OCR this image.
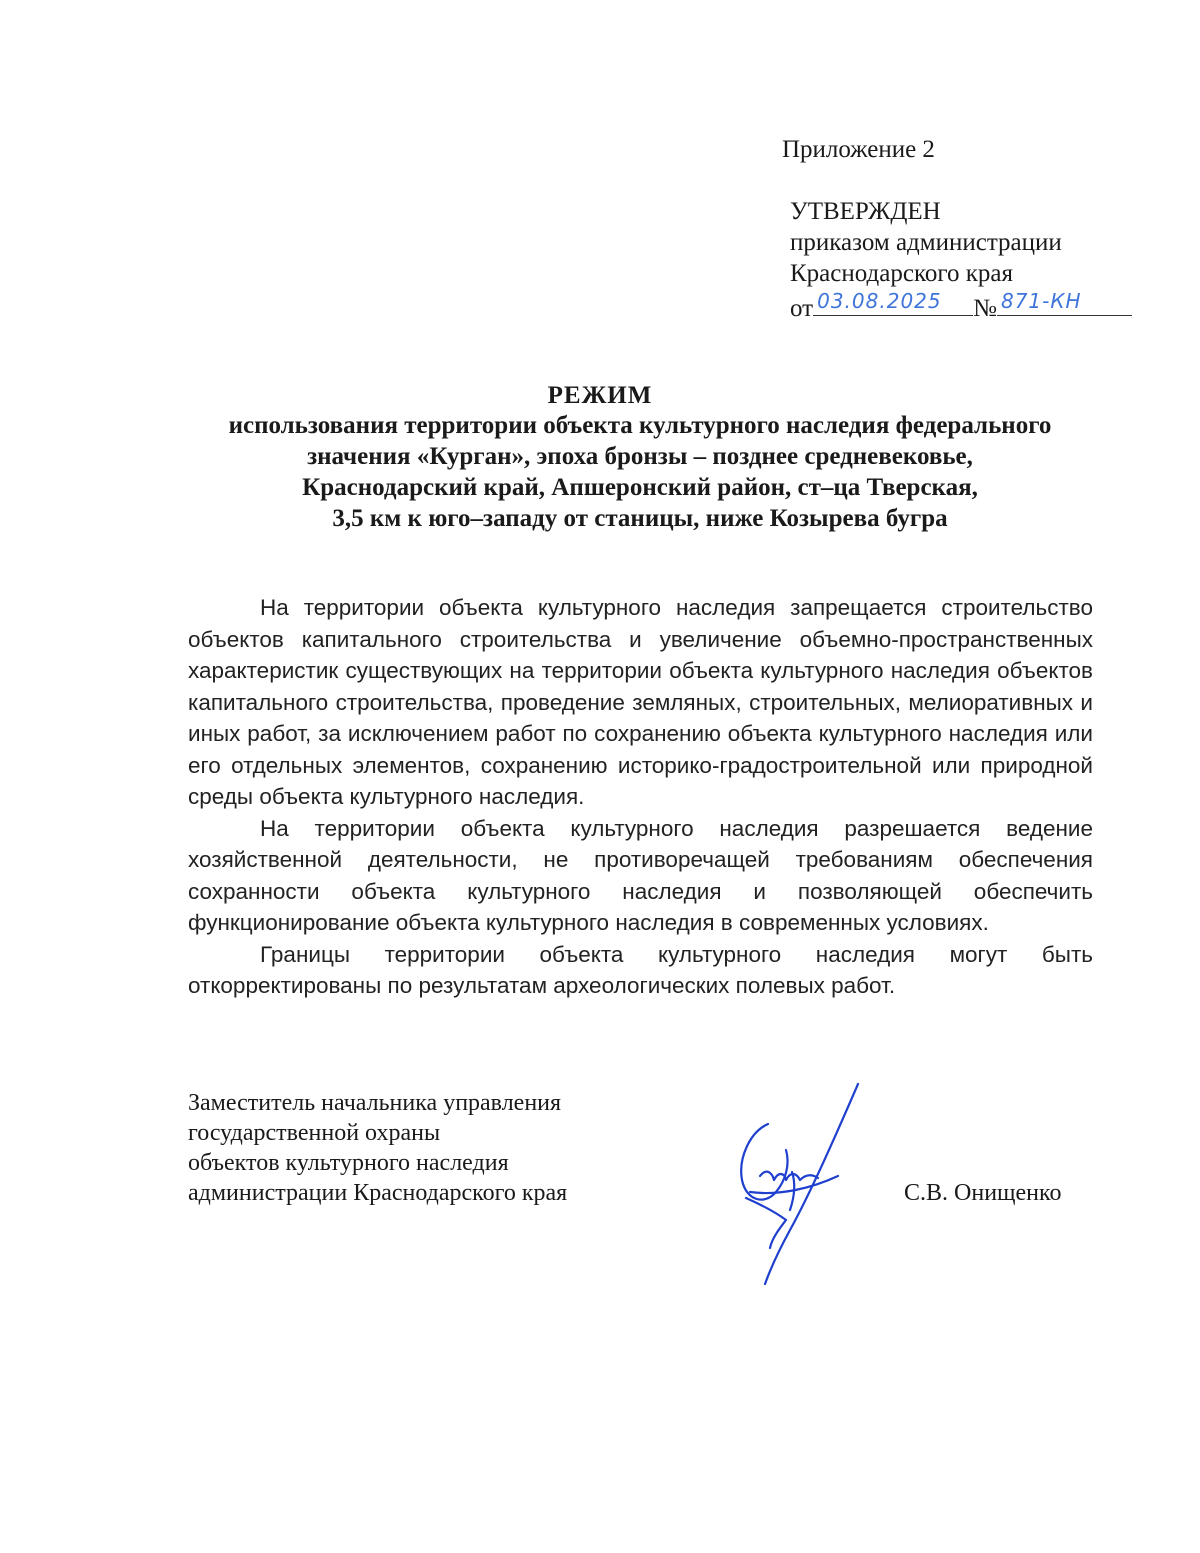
Приложение 2
УТВЕРЖДЕН
приказом администрации
Краснодарского края
от 03.08.2025 № 871-КН
РЕЖИМ
использования территории объекта культурного наследия федерального
значения «Курган», эпоха бронзы – позднее средневековье,
Краснодарский край, Апшеронский район, ст–ца Тверская,
3,5 км к юго–западу от станицы, ниже Козырева бугра

На территории объекта культурного наследия запрещается строительство объектов капитального строительства и увеличение объемно-пространственных характеристик существующих на территории объекта культурного наследия объектов капитального строительства, проведение земляных, строительных, мелиоративных и иных работ, за исключением работ по сохранению объекта культурного наследия или его отдельных элементов, сохранению историко-градостроительной или природной среды объекта культурного наследия.

На территории объекта культурного наследия разрешается ведение хозяйственной деятельности, не противоречащей требованиям обеспечения сохранности объекта культурного наследия и позволяющей обеспечить функционирование объекта культурного наследия в современных условиях.

Границы территории объекта культурного наследия могут быть откорректированы по результатам археологических полевых работ.

Заместитель начальника управления
государственной охраны
объектов культурного наследия
администрации Краснодарского края	С.В. Онищенко
